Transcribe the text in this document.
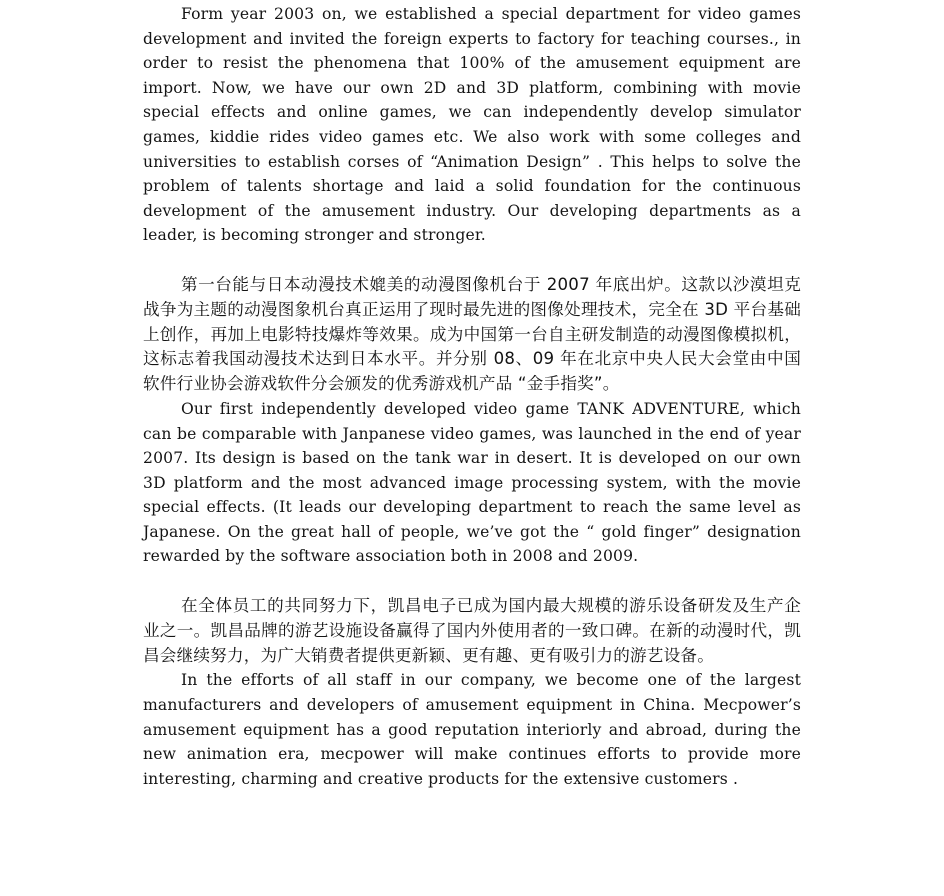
Form year 2003 on, we established a special department for video games development and invited the foreign experts to factory for teaching courses., in order to resist the phenomena that 100% of the amusement equipment are import. Now, we have our own 2D and 3D platform, combining with movie special effects and online games, we can independently develop simulator games, kiddie rides video games etc. We also work with some colleges and universities to establish corses of “Animation Design” . This helps to solve the problem of talents shortage and laid a solid foundation for the continuous development of the amusement industry. Our developing departments as a leader, is becoming stronger and stronger.

第一台能与日本动漫技术媲美的动漫图像机台于 2007 年底出炉。这款以沙漠坦克战争为主题的动漫图象机台真正运用了现时最先进的图像处理技术，完全在 3D 平台基础上创作，再加上电影特技爆炸等效果。成为中国第一台自主研发制造的动漫图像模拟机，这标志着我国动漫技术达到日本水平。并分别 08、09 年在北京中央人民大会堂由中国软件行业协会游戏软件分会颁发的优秀游戏机产品 “金手指奖”。

Our first independently developed video game TANK ADVENTURE, which can be comparable with Janpanese video games, was launched in the end of year 2007. Its design is based on the tank war in desert. It is developed on our own 3D platform and the most advanced image processing system, with the movie special effects. (It leads our developing department to reach the same level as Japanese. On the great hall of people, we’ve got the “ gold finger” designation rewarded by the software association both in 2008 and 2009.

在全体员工的共同努力下，凯昌电子已成为国内最大规模的游乐设备研发及生产企业之一。凯昌品牌的游艺设施设备赢得了国内外使用者的一致口碑。在新的动漫时代，凯昌会继续努力，为广大销费者提供更新颖、更有趣、更有吸引力的游艺设备。

In the efforts of all staff in our company, we become one of the largest manufacturers and developers of amusement equipment in China. Mecpower’s amusement equipment has a good reputation interiorly and abroad, during the new animation era, mecpower will make continues efforts to provide more interesting, charming and creative products for the extensive customers .
